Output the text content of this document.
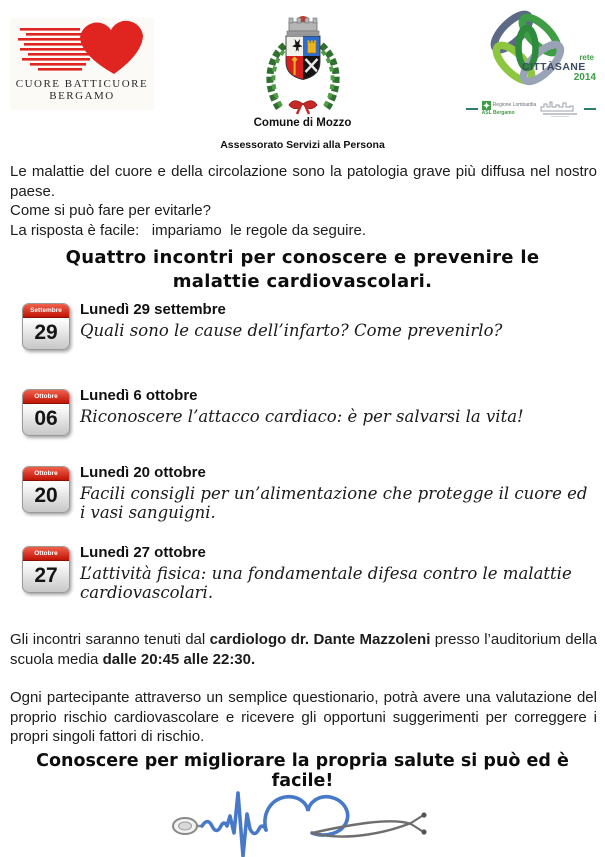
CUORE BATTICUORE
BERGAMO
Comune di Mozzo
Assessorato Servizi alla Persona
rete
CITTÀSANE
2014
Regione Lombardia
ASL Bergamo
Le malattie del cuore e della circolazione sono la patologia grave più diffusa nel nostro paese.
Come si può fare per evitarle?
La risposta è facile:   impariamo  le regole da seguire.
Quattro incontri per conoscere e prevenire le malattie cardiovascolari.
Settembre
29
Lunedì 29 settembre
Quali sono le cause dell’infarto? Come prevenirlo?
Ottobre
06
Lunedì 6 ottobre
Riconoscere l’attacco cardiaco: è per salvarsi la vita!
Ottobre
20
Lunedì 20 ottobre
Facili consigli per un’alimentazione che protegge il cuore ed i vasi sanguigni.
Ottobre
27
Lunedì 27 ottobre
L’attività fisica: una fondamentale difesa contro le malattie cardiovascolari.
Gli incontri saranno tenuti dal cardiologo dr. Dante Mazzoleni presso l’auditorium della scuola media dalle 20:45 alle 22:30.
Ogni partecipante attraverso un semplice questionario, potrà avere una valutazione del proprio rischio cardiovascolare e ricevere gli opportuni suggerimenti per correggere i propri singoli fattori di rischio.
Conoscere per migliorare la propria salute si può ed è facile!
